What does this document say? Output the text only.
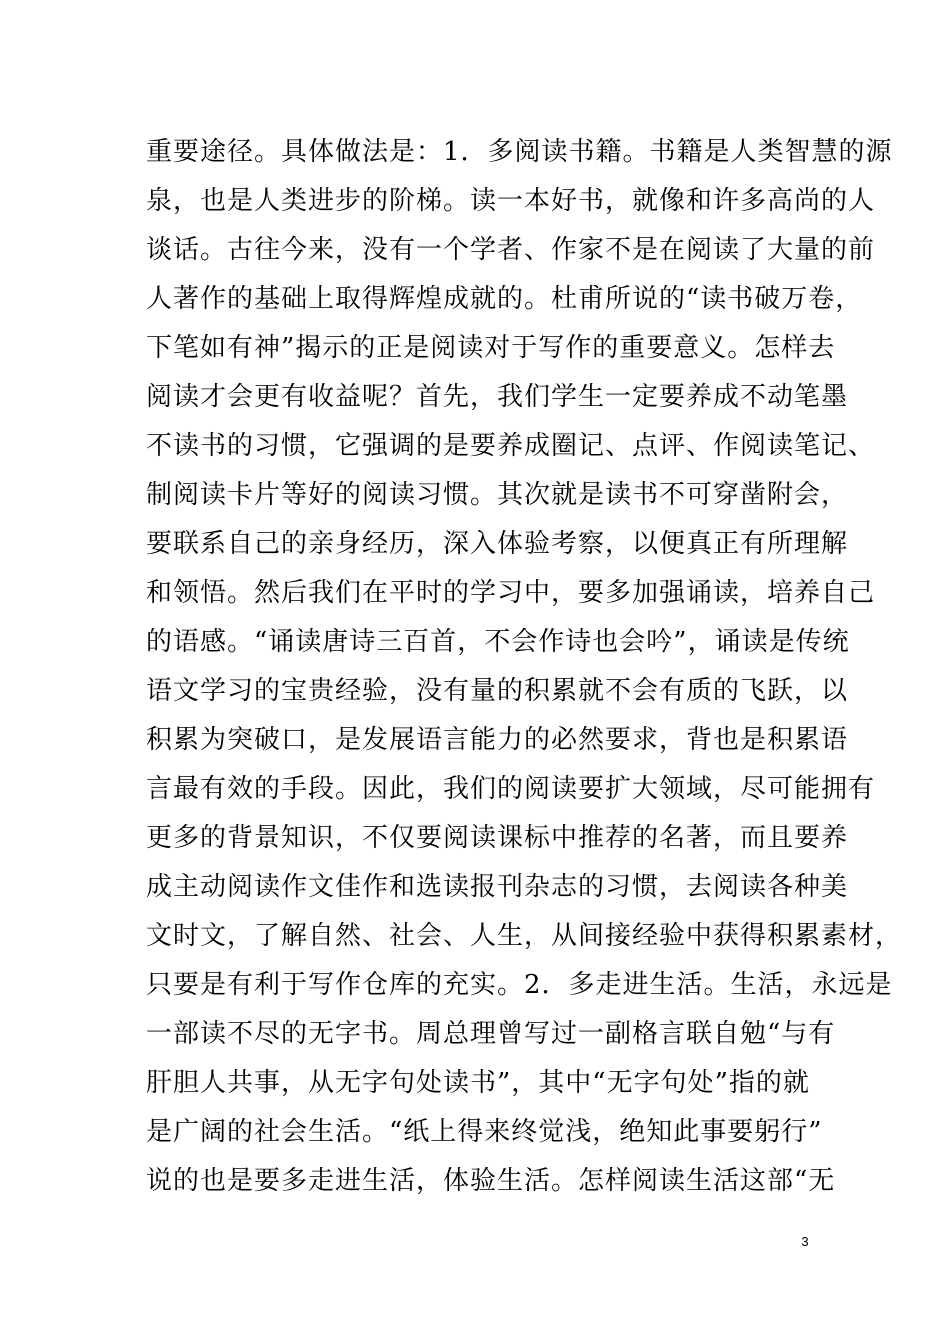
重要途径。具体做法是：1．多阅读书籍。书籍是人类智慧的源
泉，也是人类进步的阶梯。读一本好书，就像和许多高尚的人
谈话。古往今来，没有一个学者、作家不是在阅读了大量的前
人著作的基础上取得辉煌成就的。杜甫所说的“读书破万卷，
下笔如有神”揭示的正是阅读对于写作的重要意义。怎样去
阅读才会更有收益呢？首先，我们学生一定要养成不动笔墨
不读书的习惯，它强调的是要养成圈记、点评、作阅读笔记、
制阅读卡片等好的阅读习惯。其次就是读书不可穿凿附会，
要联系自己的亲身经历，深入体验考察，以便真正有所理解
和领悟。然后我们在平时的学习中，要多加强诵读，培养自己
的语感。“诵读唐诗三百首，不会作诗也会吟”，诵读是传统
语文学习的宝贵经验，没有量的积累就不会有质的飞跃，以
积累为突破口，是发展语言能力的必然要求，背也是积累语
言最有效的手段。因此，我们的阅读要扩大领域，尽可能拥有
更多的背景知识，不仅要阅读课标中推荐的名著，而且要养
成主动阅读作文佳作和选读报刊杂志的习惯，去阅读各种美
文时文，了解自然、社会、人生，从间接经验中获得积累素材，
只要是有利于写作仓库的充实。2．多走进生活。生活，永远是
一部读不尽的无字书。周总理曾写过一副格言联自勉“与有
肝胆人共事，从无字句处读书”，其中“无字句处”指的就
是广阔的社会生活。“纸上得来终觉浅，绝知此事要躬行”
说的也是要多走进生活，体验生活。怎样阅读生活这部“无
3
